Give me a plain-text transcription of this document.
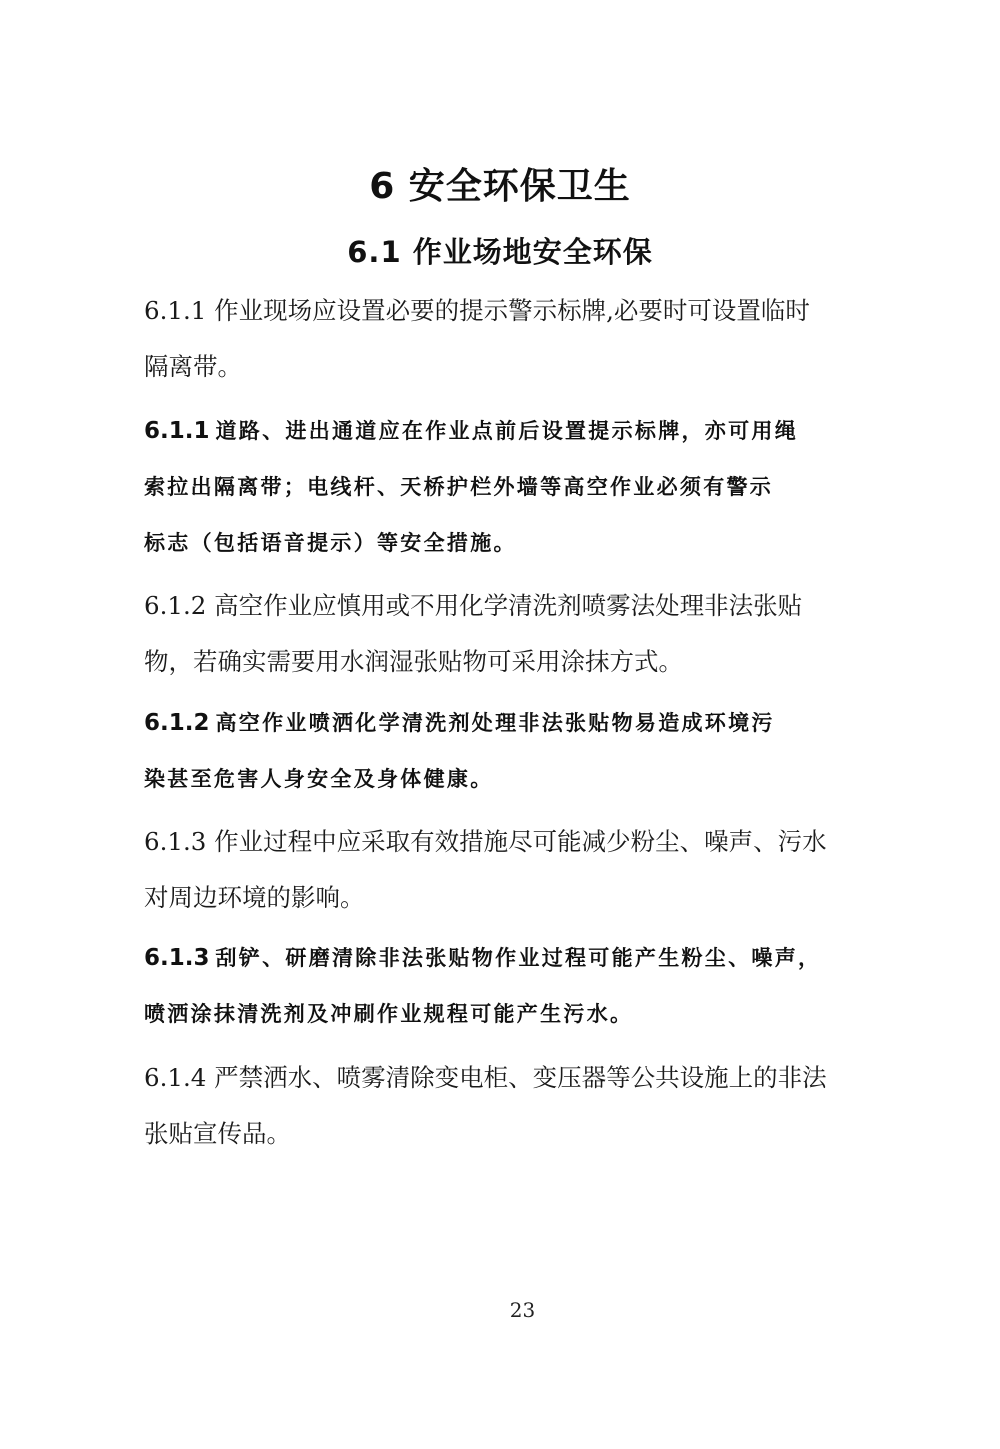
6 安全环保卫生
6.1 作业场地安全环保

6.1.1 作业现场应设置必要的提示警示标牌,必要时可设置临时
隔离带。

6.1.1 道路、进出通道应在作业点前后设置提示标牌，亦可用绳
索拉出隔离带；电线杆、天桥护栏外墙等高空作业必须有警示
标志（包括语音提示）等安全措施。

6.1.2 高空作业应慎用或不用化学清洗剂喷雾法处理非法张贴
物，若确实需要用水润湿张贴物可采用涂抹方式。

6.1.2 高空作业喷洒化学清洗剂处理非法张贴物易造成环境污
染甚至危害人身安全及身体健康。

6.1.3 作业过程中应采取有效措施尽可能减少粉尘、噪声、污水
对周边环境的影响。

6.1.3 刮铲、研磨清除非法张贴物作业过程可能产生粉尘、噪声，
喷洒涂抹清洗剂及冲刷作业规程可能产生污水。

6.1.4 严禁洒水、喷雾清除变电柜、变压器等公共设施上的非法
张贴宣传品。

23
